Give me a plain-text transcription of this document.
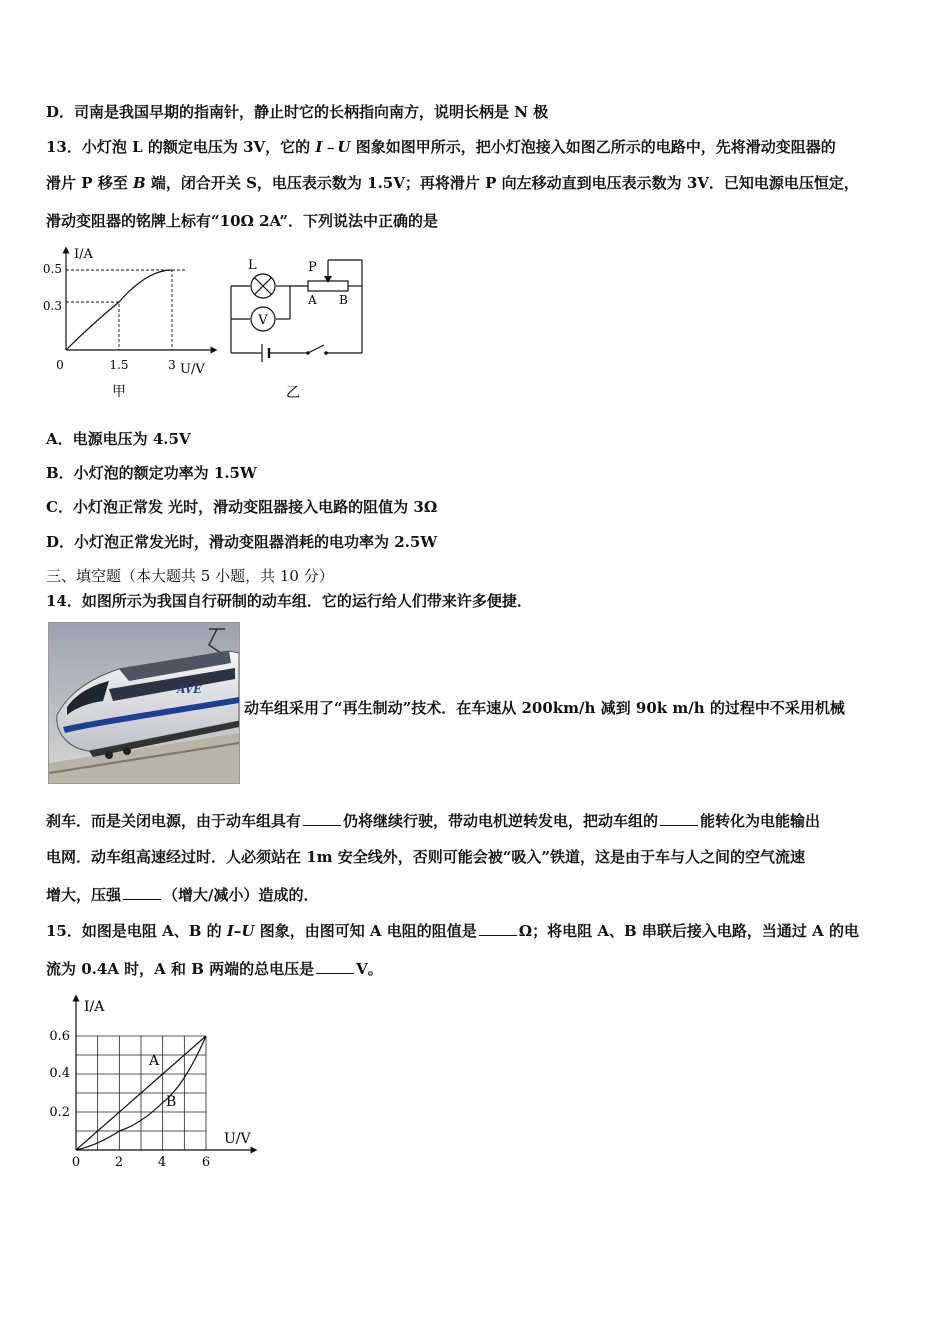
D．司南是我国早期的指南针，静止时它的长柄指向南方，说明长柄是 N 极
13．小灯泡 L 的额定电压为 3V，它的 I﹣U 图象如图甲所示，把小灯泡接入如图乙所示的电路中，先将滑动变阻器的
滑片 P 移至 B 端，闭合开关 S，电压表示数为 1.5V；再将滑片 P 向左移动直到电压表示数为 3V．已知电源电压恒定，
滑动变阻器的铭牌上标有“10Ω 2A”．下列说法中正确的是
I/A
U/V
0
0.5
0.3
1.5	3
甲
V
L	P
A B
乙
A．电源电压为 4.5V
B．小灯泡的额定功率为 1.5W
C．小灯泡正常发 光时，滑动变阻器接入电路的阻值为 3Ω
D．小灯泡正常发光时，滑动变阻器消耗的电功率为 2.5W
三、填空题（本大题共 5 小题，共 10 分）
14．如图所示为我国自行研制的动车组．它的运行给人们带来许多便捷．
AVE
动车组采用了“再生制动”技术．在车速从 200km/h 减到 90k m/h 的过程中不采用机械
刹车．而是关闭电源，由于动车组具有	仍将继续行驶，带动电机逆转发电，把动车组的	能转化为电能输出
电网．动车组高速经过时．人必须站在 1m 安全线外，否则可能会被“吸入”铁道，这是由于车与人之间的空气流速
增大，压强	（增大/减小）造成的．
15．如图是电阻 A、B 的 I–U 图象，由图可知 A 电阻的阻值是	Ω；将电阻 A、B 串联后接入电路，当通过 A 的电
流为 0.4A 时，A 和 B 两端的总电压是	V。
I/A
U/V
0.6
0.4
0.2
0	2	4	6
A
B
